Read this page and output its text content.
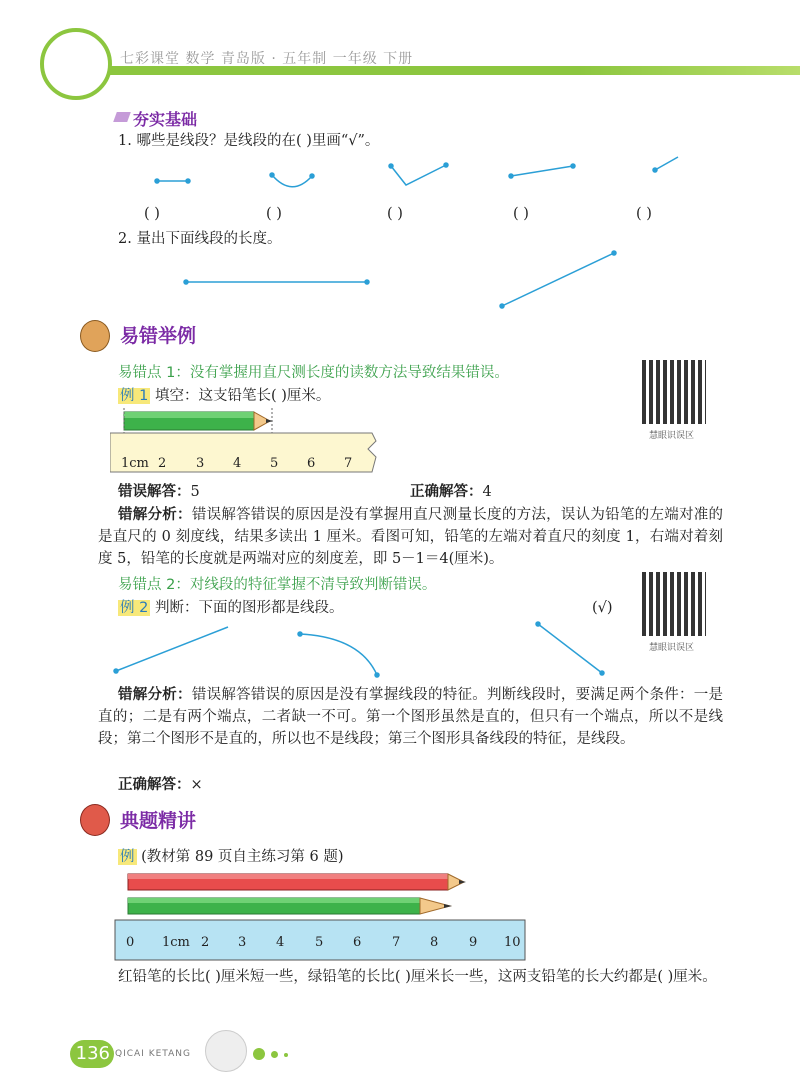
七彩课堂 数学 青岛版 · 五年制 一年级 下册
夯实基础
1. 哪些是线段？是线段的在( )里画“√”。
( )	( )	( )	( )	( )
2. 量出下面线段的长度。
易错举例
易错点 1：没有掌握用直尺测长度的读数方法导致结果错误。
例 1 填空：这支铅笔长( )厘米。
慧眼识误区
1cm 2 3 4 5 6 7
错误解答：5	正确解答：4
错解分析：错误解答错误的原因是没有掌握用直尺测量长度的方法，误认为铅笔的左端对准的是直尺的 0 刻度线，结果多读出 1 厘米。看图可知，铅笔的左端对着直尺的刻度 1，右端对着刻度 5，铅笔的长度就是两端对应的刻度差，即 5－1＝4(厘米)。
易错点 2：对线段的特征掌握不清导致判断错误。
例 2 判断：下面的图形都是线段。	(√)
慧眼识误区
错解分析：错误解答错误的原因是没有掌握线段的特征。判断线段时，要满足两个条件：一是直的；二是有两个端点，二者缺一不可。第一个图形虽然是直的，但只有一个端点，所以不是线段；第二个图形不是直的，所以也不是线段；第三个图形具备线段的特征，是线段。
正确解答：×
典题精讲
例 (教材第 89 页自主练习第 6 题)
0 1cm 2 3 4 5 6 7 8 9 10
红铅笔的长比( )厘米短一些，绿铅笔的长比( )厘米长一些，这两支铅笔的长大约都是( )厘米。
136 QICAI KETANG
